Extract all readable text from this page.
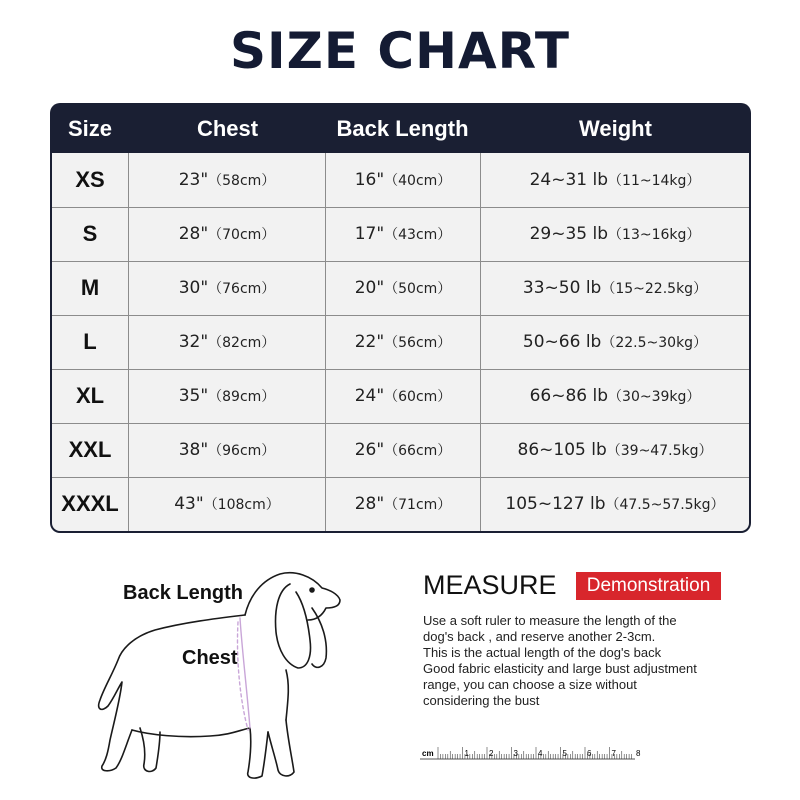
SIZE CHART
Size	Chest	Back Length	Weight
XS	23"（58cm）	16"（40cm）	24~31 lb（11~14kg）
S	28"（70cm）	17"（43cm）	29~35 lb（13~16kg）
M	30"（76cm）	20"（50cm）	33~50 lb（15~22.5kg）
L	32"（82cm）	22"（56cm）	50~66 lb（22.5~30kg）
XL	35"（89cm）	24"（60cm）	66~86 lb（30~39kg）
XXL	38"（96cm）	26"（66cm）	86~105 lb（39~47.5kg）
XXXL	43"（108cm）	28"（71cm）	105~127 lb（47.5~57.5kg）
Back Length
Chest
MEASURE	Demonstration
Use a soft ruler to measure the length of the
dog's back , and reserve another 2-3cm.
This is the actual length of the dog's back
Good fabric elasticity and large bust adjustment
range, you can choose a size without
considering the bust
cm	1	2	3	4	5	6	7	8
